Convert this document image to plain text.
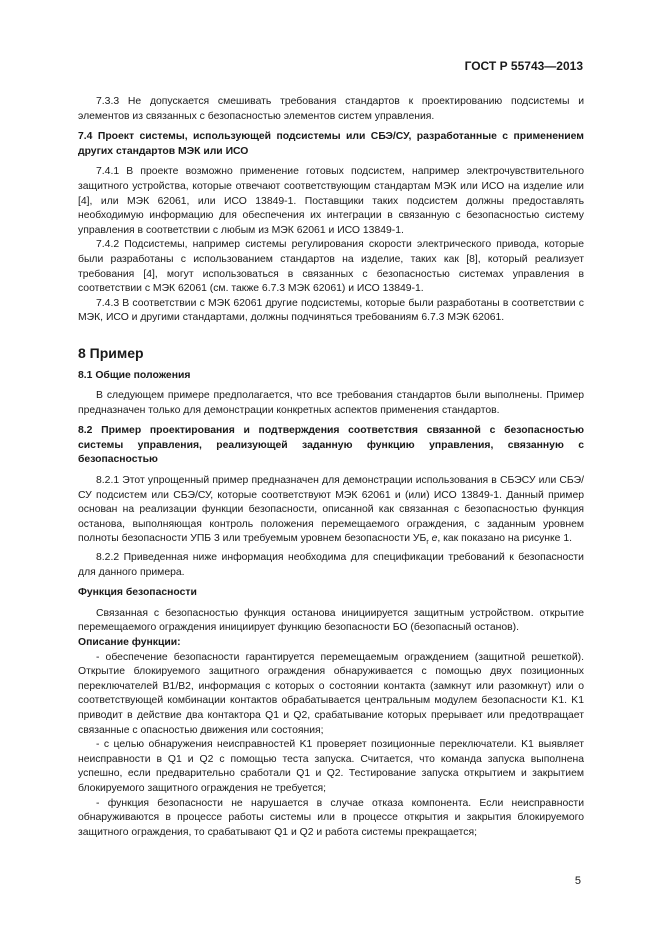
ГОСТ Р 55743—2013

7.3.3 Не допускается смешивать требования стандартов к проектированию подсистемы и элементов из связанных с безопасностью элементов систем управления.

7.4 Проект системы, использующей подсистемы или СБЭ/СУ, разработанные с применением других стандартов МЭК или ИСО

7.4.1 В проекте возможно применение готовых подсистем, например электрочувствительного защитного устройства, которые отвечают соответствующим стандартам МЭК или ИСО на изделие или [4], или МЭК 62061, или ИСО 13849-1. Поставщики таких подсистем должны предоставлять необходимую информацию для обеспечения их интеграции в связанную с безопасностью систему управления в соответствии с любым из МЭК 62061 и ИСО 13849-1.

7.4.2 Подсистемы, например системы регулирования скорости электрического привода, которые были разработаны с использованием стандартов на изделие, таких как [8], который реализует требования [4], могут использоваться в связанных с безопасностью системах управления в соответствии с МЭК 62061 (см. также 6.7.3 МЭК 62061) и ИСО 13849-1.

7.4.3 В соответствии с МЭК 62061 другие подсистемы, которые были разработаны в соответствии с МЭК, ИСО и другими стандартами, должны подчиняться требованиям 6.7.3 МЭК 62061.

8 Пример

8.1 Общие положения

В следующем примере предполагается, что все требования стандартов были выполнены. Пример предназначен только для демонстрации конкретных аспектов применения стандартов.

8.2 Пример проектирования и подтверждения соответствия связанной с безопасностью системы управления, реализующей заданную функцию управления, связанную с безопасностью

8.2.1 Этот упрощенный пример предназначен для демонстрации использования в СБЭСУ или СБЭ/СУ подсистем или СБЭ/СУ, которые соответствуют МЭК 62061 и (или) ИСО 13849-1. Данный пример основан на реализации функции безопасности, описанной как связанная с безопасностью функция останова, выполняющая контроль положения перемещаемого ограждения, с заданным уровнем полноты безопасности УПБ 3 или требуемым уровнем безопасности $УБ_r$ e, как показано на рисунке 1.

8.2.2 Приведенная ниже информация необходима для спецификации требований к безопасности для данного примера.

Функция безопасности

Связанная с безопасностью функция останова инициируется защитным устройством. открытие перемещаемого ограждения инициирует функцию безопасности БО (безопасный останов).

Описание функции:

- обеспечение безопасности гарантируется перемещаемым ограждением (защитной решеткой). Открытие блокируемого защитного ограждения обнаруживается с помощью двух позиционных переключателей B1/B2, информация с которых о состоянии контакта (замкнут или разомкнут) или о соответствующей комбинации контактов обрабатывается центральным модулем безопасности K1. K1 приводит в действие два контактора Q1 и Q2, срабатывание которых прерывает или предотвращает связанные с опасностью движения или состояния;

- с целью обнаружения неисправностей K1 проверяет позиционные переключатели. K1 выявляет неисправности в Q1 и Q2 с помощью теста запуска. Считается, что команда запуска выполнена успешно, если предварительно сработали Q1 и Q2. Тестирование запуска открытием и закрытием блокируемого защитного ограждения не требуется;

- функция безопасности не нарушается в случае отказа компонента. Если неисправности обнаруживаются в процессе работы системы или в процессе открытия и закрытия блокируемого защитного ограждения, то срабатывают Q1 и Q2 и работа системы прекращается;

5
